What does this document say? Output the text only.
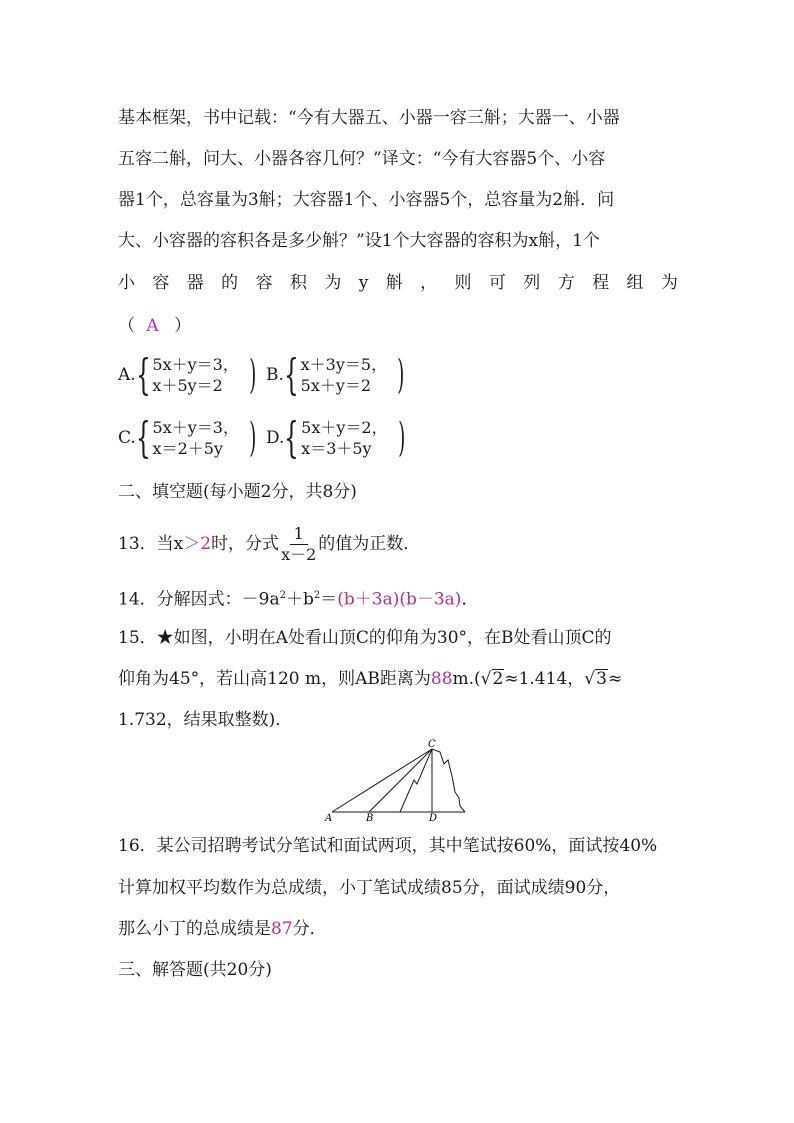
基本框架，书中记载：“今有大器五、小器一容三斛；大器一、小器
五容二斛，问大、小器各容几何？”译文：“今有大容器5个、小容
器1个，总容量为3斛；大容器1个、小容器5个，总容量为2斛．问
大、小容器的容积各是多少斛？”设1个大容器的容积为x斛，1个
小 容 器 的 容 积 为 y 斛 ， 则 可 列 方 程 组 为
（ A ）
A. { 5x＋y＝3，
x＋5y＝2 ) B. { x＋3y＝5，
5x＋y＝2 )
C. { 5x＋y＝3，
x＝2＋5y ) D. { 5x＋y＝2，
x＝3＋5y )
二、填空题(每小题2分，共8分)
13．当x ＞2 时，分式 $\frac{1}{x-2}$ 的值为正数．
14．分解因式：$-9a^2+b^2=(b+3a)(b-3a)$．
15．★如图，小明在A处看山顶C的仰角为30°，在B处看山顶C的
仰角为45°，若山高120 m，则AB距离为88m.(√2≈1.414，√3≈
1.732，结果取整数)．
A	B
C
D
16．某公司招聘考试分笔试和面试两项，其中笔试按60%，面试按40%
计算加权平均数作为总成绩，小丁笔试成绩85分，面试成绩90分，
那么小丁的总成绩是87分．
三、解答题(共20分)
